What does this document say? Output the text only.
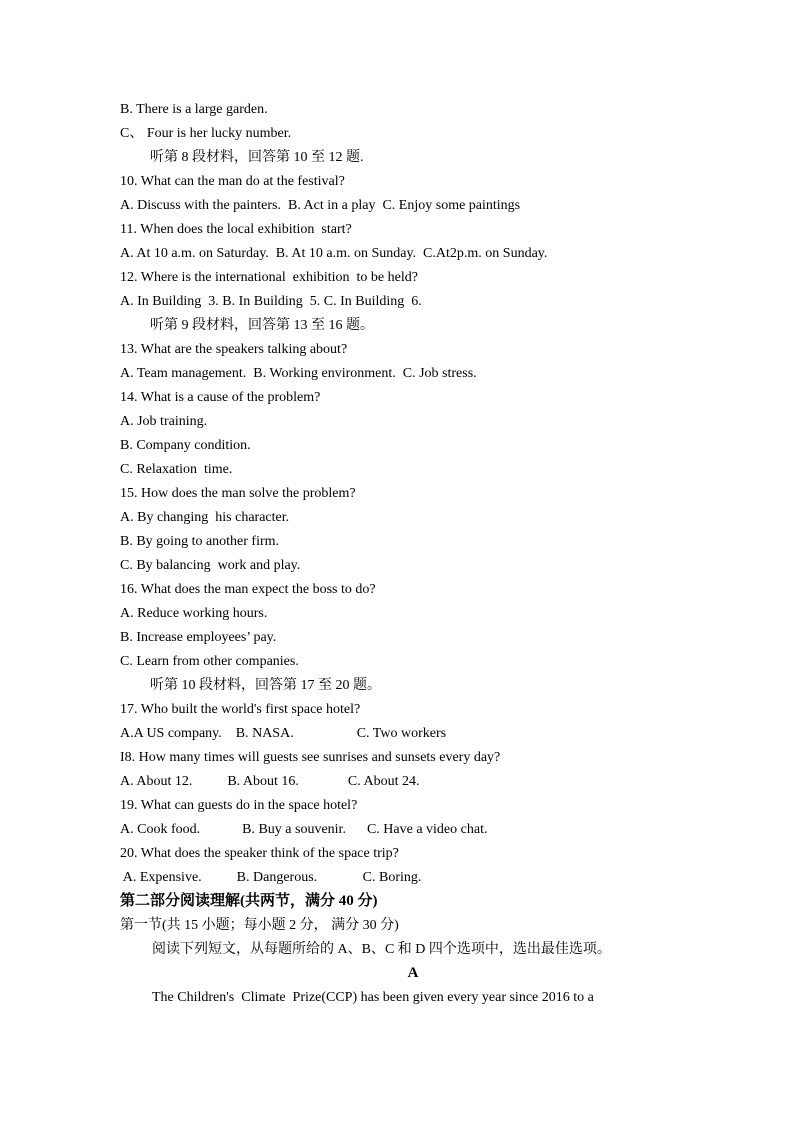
B. There is a large garden.
C、 Four is her lucky number.
听第 8 段材料，回答第 10 至 12 题.
10. What can the man do at the festival?
A. Discuss with the painters.  B. Act in a play  C. Enjoy some paintings
11. When does the local exhibition  start?
A. At 10 a.m. on Saturday.  B. At 10 a.m. on Sunday.  C.At2p.m. on Sunday.
12. Where is the international  exhibition  to be held?
A. In Building  3. B. In Building  5. C. In Building  6.
听第 9 段材料，回答第 13 至 16 题。
13. What are the speakers talking about?
A. Team management.  B. Working environment.  C. Job stress.
14. What is a cause of the problem?
A. Job training.
B. Company condition.
C. Relaxation  time.
15. How does the man solve the problem?
A. By changing  his character.
B. By going to another firm.
C. By balancing  work and play.
16. What does the man expect the boss to do?
A. Reduce working hours.
B. Increase employees’ pay.
C. Learn from other companies.
听第 10 段材料，回答第 17 至 20 题。
17. Who built the world's first space hotel?
A.A US company.    B. NASA.                  C. Two workers
I8. How many times will guests see sunrises and sunsets every day?
A. About 12.          B. About 16.              C. About 24.
19. What can guests do in the space hotel?
A. Cook food.            B. Buy a souvenir.      C. Have a video chat.
20. What does the speaker think of the space trip?
A. Expensive.          B. Dangerous.             C. Boring.
第二部分阅读理解(共两节，满分 40 分)
第一节(共 15 小题；每小题 2 分， 满分 30 分)
阅读下列短文，从每题所给的 A、B、C 和 D 四个选项中，选出最佳选项。
A
The Children's  Climate  Prize(CCP) has been given every year since 2016 to a
